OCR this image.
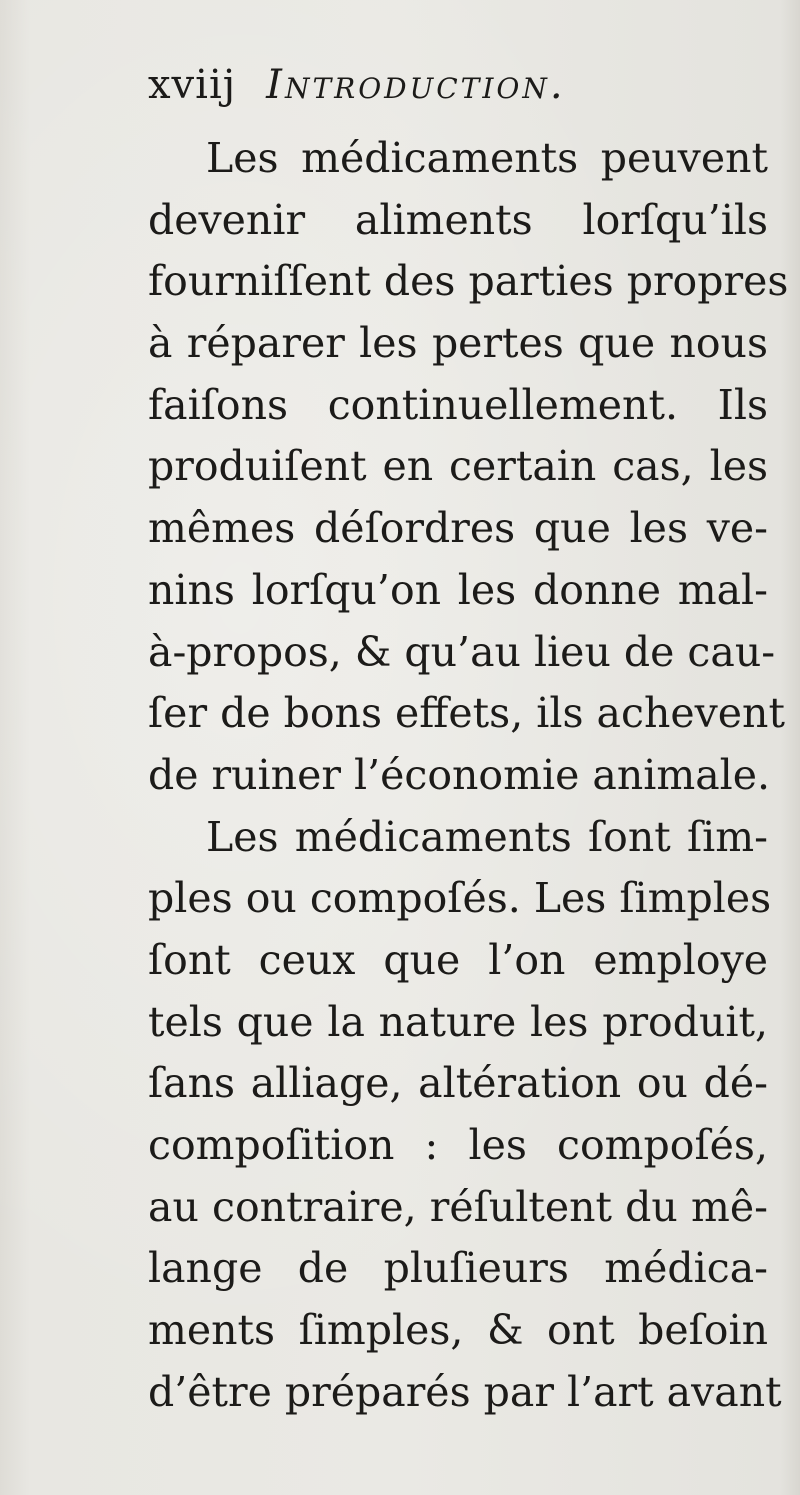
xviij Introduction.
Les médicaments peuvent
devenir aliments lorſqu’ils
fourniſſent des parties propres
à réparer les pertes que nous
faiſons continuellement. Ils
produiſent en certain cas, les
mêmes déſordres que les ve-
nins lorſqu’on les donne mal-
à-propos, & qu’au lieu de cau-
ſer de bons effets, ils achevent
de ruiner l’économie animale.
Les médicaments ſont ſim-
ples ou compoſés. Les ſimples
ſont ceux que l’on employe
tels que la nature les produit,
ſans alliage, altération ou dé-
compoſition : les compoſés,
au contraire, réſultent du mê-
lange de pluſieurs médica-
ments ſimples, & ont beſoin
d’être préparés par l’art avant
